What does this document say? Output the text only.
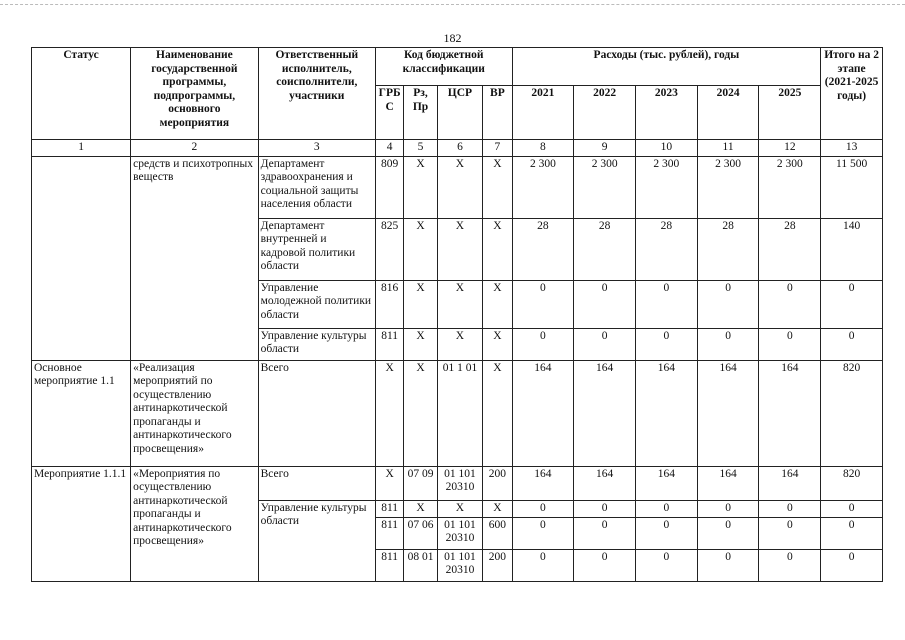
182
Статус	Наименование государственной программы, подпрограммы, основного мероприятия	Ответственный исполнитель, соисполнители, участники	Код бюджетной классификации				Расходы (тыс. рублей), годы					Итого на 2 этапе (2021-2025 годы)
			ГРБ С	Рз, Пр	ЦСР	ВР	2021	2022	2023	2024	2025	
1	2	3	4	5	6	7	8	9	10	11	12	13
	средств и психотропных веществ	Департамент здравоохранения и социальной защиты населения области	809	Х	Х	Х	2 300	2 300	2 300	2 300	2 300	11 500
		Департамент внутренней и кадровой политики области	825	Х	Х	Х	28	28	28	28	28	140
		Управление молодежной политики области	816	Х	Х	Х	0	0	0	0	0	0
		Управление культуры области	811	Х	Х	Х	0	0	0	0	0	0
Основное мероприятие 1.1	«Реализация мероприятий по осуществлению антинаркотической пропаганды и антинаркотического просвещения»	Всего	Х	Х	01 1 01	Х	164	164	164	164	164	820
Мероприятие 1.1.1	«Мероприятия по осуществлению антинаркотической пропаганды и антинаркотического просвещения»	Всего	Х	07 09	01 101 20310	200	164	164	164	164	164	820
		Управление культуры области	811	Х	Х	Х	0	0	0	0	0	0
			811	07 06	01 101 20310	600	0	0	0	0	0	0
			811	08 01	01 101 20310	200	0	0	0	0	0	0
